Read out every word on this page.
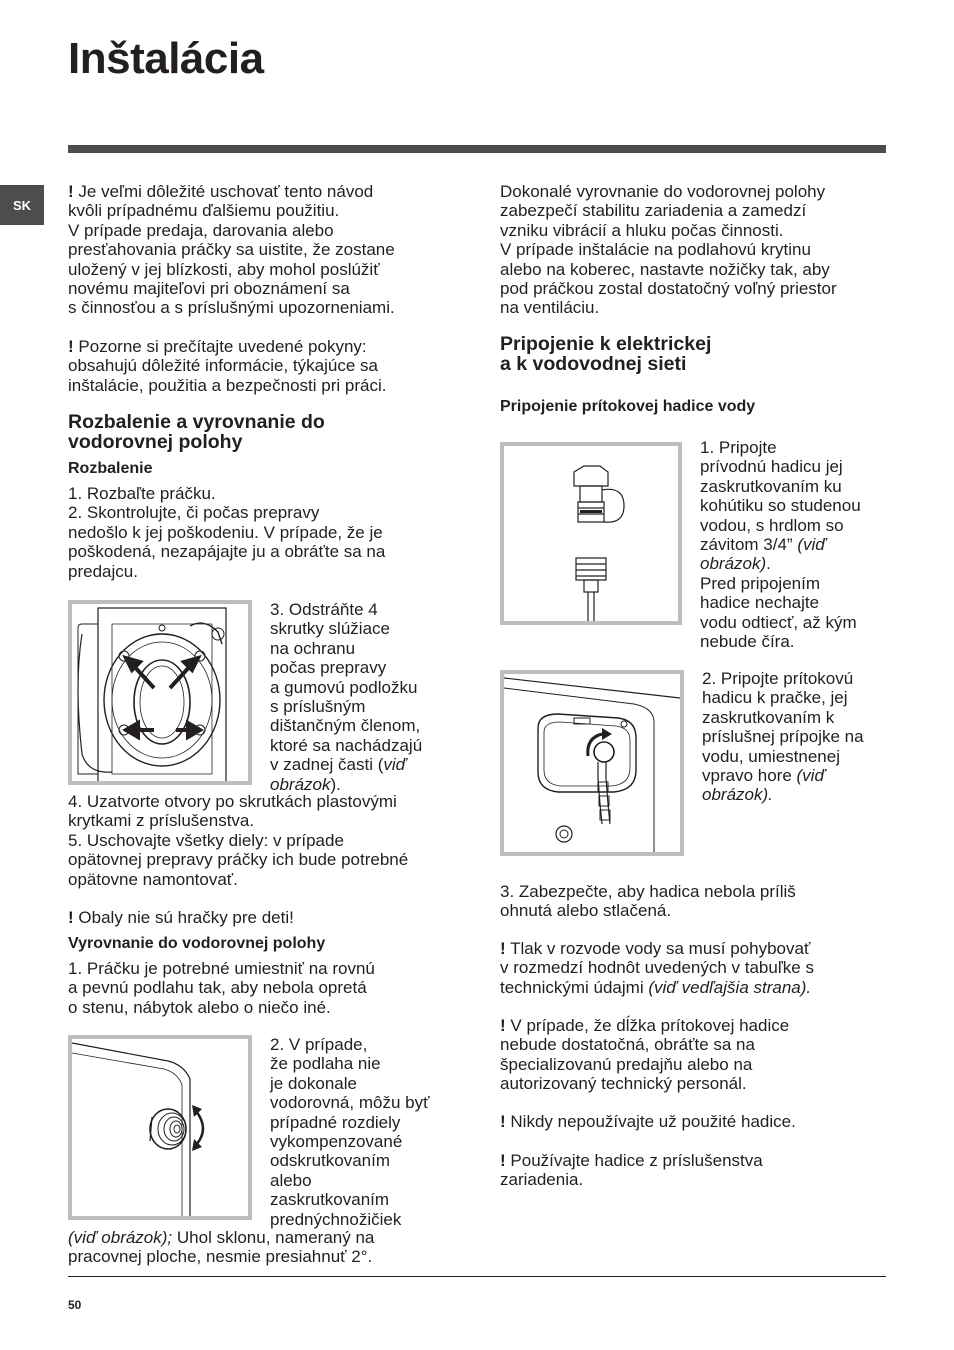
Inštalácia
SK

! Je veľmi dôležité uschovať tento návod
kvôli prípadnému ďalšiemu použitiu.
V prípade predaja, darovania alebo
presťahovania práčky sa uistite, že zostane
uložený v jej blízkosti, aby mohol poslúžiť
novému majiteľovi pri oboznámení sa
s činnosťou a s príslušnými upozorneniami.

! Pozorne si prečítajte uvedené pokyny:
obsahujú dôležité informácie, týkajúce sa
inštalácie, použitia a bezpečnosti pri práci.

Rozbalenie a vyrovnanie do
vodorovnej polohy
Rozbalenie

1. Rozbaľte práčku.
2. Skontrolujte, či počas prepravy
nedošlo k jej poškodeniu. V prípade, že je
poškodená, nezapájajte ju a obráťte sa na
predajcu.

3. Odstráňte 4
skrutky slúžiace
na ochranu
počas prepravy
a gumovú podložku
s príslušným
dištančným členom,
ktoré sa nachádzajú
v zadnej časti (viď
obrázok).

4. Uzatvorte otvory po skrutkách plastovými
krytkami z príslušenstva.
5. Uschovajte všetky diely: v prípade
opätovnej prepravy práčky ich bude potrebné
opätovne namontovať.

! Obaly nie sú hračky pre deti!

Vyrovnanie do vodorovnej polohy

1. Práčku je potrebné umiestniť na rovnú
a pevnú podlahu tak, aby nebola opretá
o stenu, nábytok alebo o niečo iné.

2. V prípade,
že podlaha nie
je dokonale
vodorovná, môžu byť
prípadné rozdiely
vykompenzované
odskrutkovaním
alebo
zaskrutkovaním
prednýchnožičiek

(viď obrázok); Uhol sklonu, nameraný na
pracovnej ploche, nesmie presiahnuť 2°.

Dokonalé vyrovnanie do vodorovnej polohy
zabezpečí stabilitu zariadenia a zamedzí
vzniku vibrácií a hluku počas činnosti.
V prípade inštalácie na podlahovú krytinu
alebo na koberec, nastavte nožičky tak, aby
pod práčkou zostal dostatočný voľný priestor
na ventiláciu.

Pripojenie k elektrickej
a k vodovodnej sieti
Pripojenie prítokovej hadice vody
1. Pripojte
prívodnú hadicu jej
zaskrutkovaním ku
kohútiku so studenou
vodou, s hrdlom so
závitom 3/4” (viď
obrázok).
Pred pripojením
hadice nechajte
vodu odtiecť, až kým
nebude číra.
2. Pripojte prítokovú
hadicu k pračke, jej
zaskrutkovaním k
príslušnej prípojke na
vodu, umiestnenej
vpravo hore (viď
obrázok).

3. Zabezpečte, aby hadica nebola príliš
ohnutá alebo stlačená.

! Tlak v rozvode vody sa musí pohybovať
v rozmedzí hodnôt uvedených v tabuľke s
technickými údajmi (viď vedľajšia strana).

! V prípade, že dĺžka prítokovej hadice
nebude dostatočná, obráťte sa na
špecializovanú predajňu alebo na
autorizovaný technický personál.

! Nikdy nepoužívajte už použité hadice.

! Používajte hadice z príslušenstva
zariadenia.

50
